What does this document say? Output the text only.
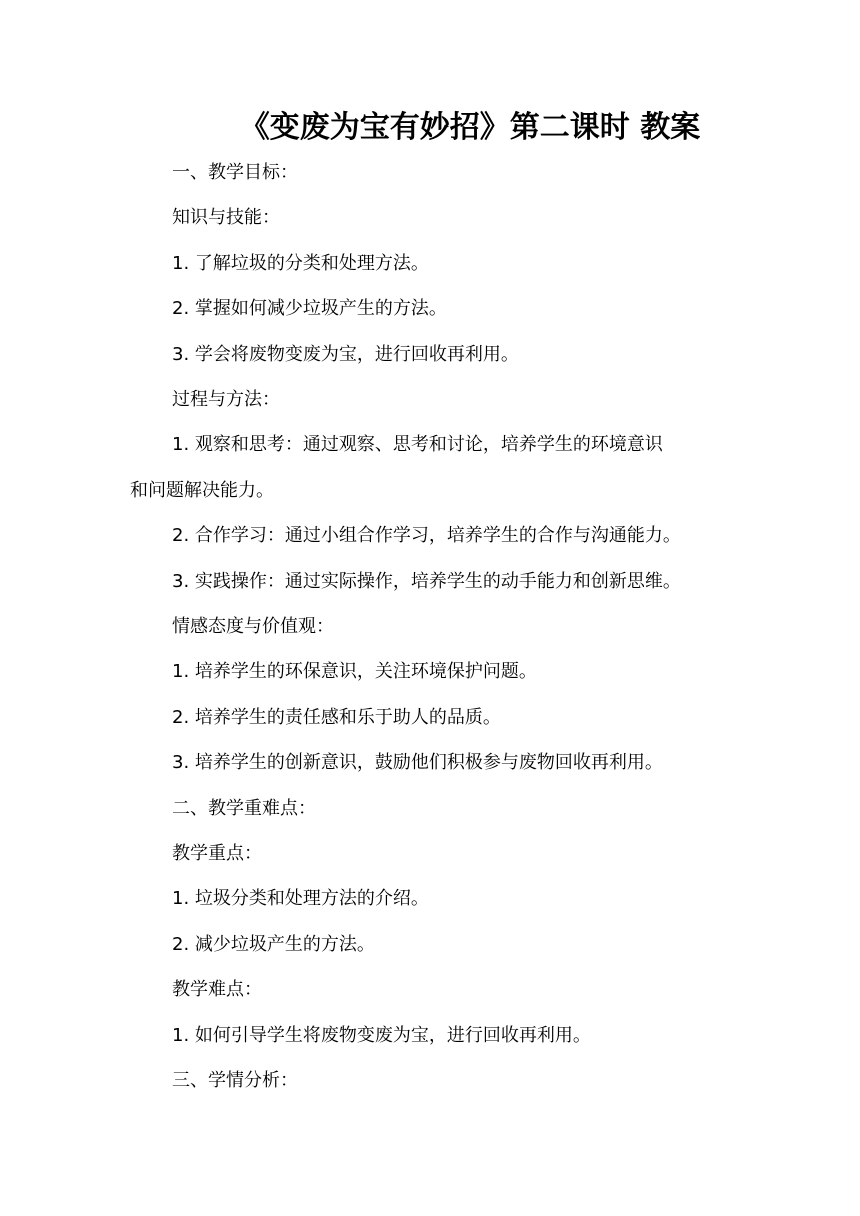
《变废为宝有妙招》第二课时 教案
一、教学目标：
知识与技能：
1. 了解垃圾的分类和处理方法。
2. 掌握如何减少垃圾产生的方法。
3. 学会将废物变废为宝，进行回收再利用。
过程与方法：
1. 观察和思考：通过观察、思考和讨论，培养学生的环境意识
和问题解决能力。
2. 合作学习：通过小组合作学习，培养学生的合作与沟通能力。
3. 实践操作：通过实际操作，培养学生的动手能力和创新思维。
情感态度与价值观：
1. 培养学生的环保意识，关注环境保护问题。
2. 培养学生的责任感和乐于助人的品质。
3. 培养学生的创新意识，鼓励他们积极参与废物回收再利用。
二、教学重难点：
教学重点：
1. 垃圾分类和处理方法的介绍。
2. 减少垃圾产生的方法。
教学难点：
1. 如何引导学生将废物变废为宝，进行回收再利用。
三、学情分析：
